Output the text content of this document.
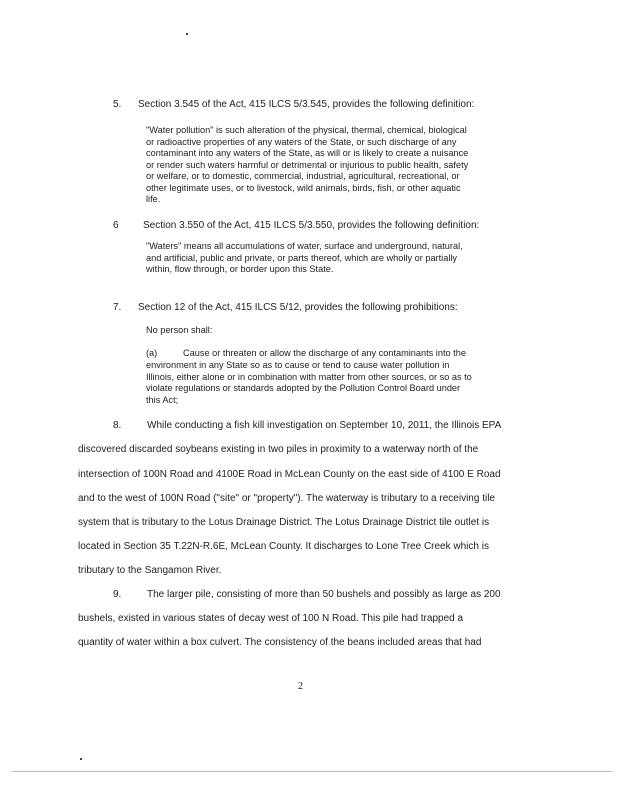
5. Section 3.545 of the Act, 415 ILCS 5/3.545, provides the following definition:
"Water pollution" is such alteration of the physical, thermal, chemical, biological
or radioactive properties of any waters of the State, or such discharge of any
contaminant into any waters of the State, as will or is likely to create a nuisance
or render such waters harmful or detrimental or injurious to public health, safety
or welfare, or to domestic, commercial, industrial, agricultural, recreational, or
other legitimate uses, or to livestock, wild animals, birds, fish, or other aquatic
life.
6 Section 3.550 of the Act, 415 ILCS 5/3.550, provides the following definition:
"Waters" means all accumulations of water, surface and underground, natural,
and artificial, public and private, or parts thereof, which are wholly or partially
within, flow through, or border upon this State.
7. Section 12 of the Act, 415 ILCS 5/12, provides the following prohibitions:
No person shall:
(a)	Cause or threaten or allow the discharge of any contaminants into the
environment in any State so as to cause or tend to cause water pollution in
Illinois, either alone or in combination with matter from other sources, or so as to
violate regulations or standards adopted by the Pollution Control Board under
this Act;
8.	While conducting a fish kill investigation on September 10, 2011, the Illinois EPA
discovered discarded soybeans existing in two piles in proximity to a waterway north of the
intersection of 100N Road and 4100E Road in McLean County on the east side of 4100 E Road
and to the west of 100N Road ("site" or "property"). The waterway is tributary to a receiving tile
system that is tributary to the Lotus Drainage District. The Lotus Drainage District tile outlet is
located in Section 35 T.22N-R.6E, McLean County. It discharges to Lone Tree Creek which is
tributary to the Sangamon River.
9.	The larger pile, consisting of more than 50 bushels and possibly as large as 200
bushels, existed in various states of decay west of 100 N Road. This pile had trapped a
quantity of water within a box culvert. The consistency of the beans included areas that had
2
